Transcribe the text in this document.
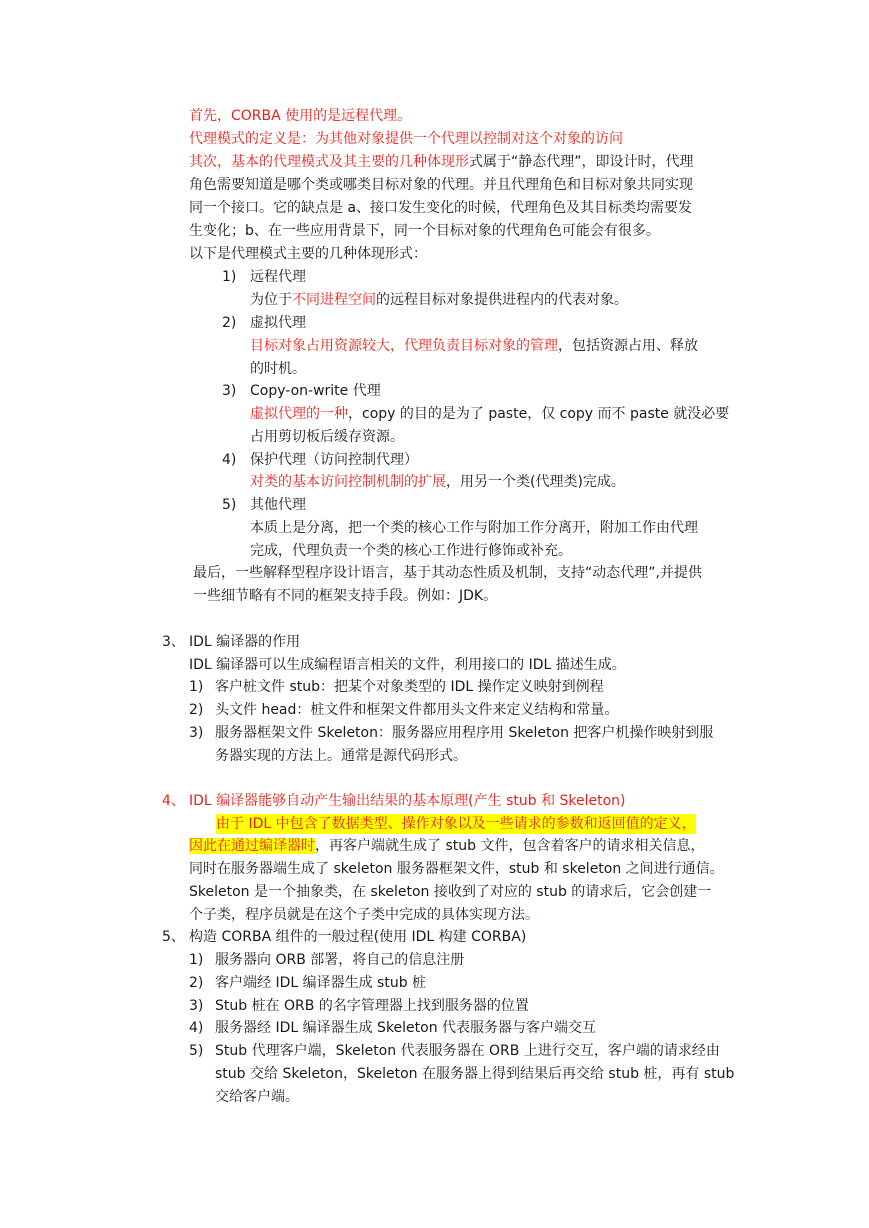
首先，CORBA 使用的是远程代理。
代理模式的定义是：为其他对象提供一个代理以控制对这个对象的访问
其次，基本的代理模式及其主要的几种体现形式属于“静态代理”，即设计时，代理
角色需要知道是哪个类或哪类目标对象的代理。并且代理角色和目标对象共同实现
同一个接口。它的缺点是 a、接口发生变化的时候，代理角色及其目标类均需要发
生变化；b、在一些应用背景下，同一个目标对象的代理角色可能会有很多。
以下是代理模式主要的几种体现形式：
1) 远程代理
为位于不同进程空间的远程目标对象提供进程内的代表对象。
2) 虚拟代理
目标对象占用资源较大，代理负责目标对象的管理，包括资源占用、释放
的时机。
3) Copy-on-write 代理
虚拟代理的一种，copy 的目的是为了 paste，仅 copy 而不 paste 就没必要
占用剪切板后缓存资源。
4) 保护代理（访问控制代理）
对类的基本访问控制机制的扩展，用另一个类(代理类)完成。
5) 其他代理
本质上是分离，把一个类的核心工作与附加工作分离开，附加工作由代理
完成，代理负责一个类的核心工作进行修饰或补充。
最后，一些解释型程序设计语言，基于其动态性质及机制，支持“动态代理”,并提供
一些细节略有不同的框架支持手段。例如：JDK。
3、 IDL 编译器的作用
IDL 编译器可以生成编程语言相关的文件，利用接口的 IDL 描述生成。
1) 客户桩文件 stub：把某个对象类型的 IDL 操作定义映射到例程
2) 头文件 head：桩文件和框架文件都用头文件来定义结构和常量。
3) 服务器框架文件 Skeleton：服务器应用程序用 Skeleton 把客户机操作映射到服
务器实现的方法上。通常是源代码形式。
4、 IDL 编译器能够自动产生输出结果的基本原理(产生 stub 和 Skeleton)
由于 IDL 中包含了数据类型、操作对象以及一些请求的参数和返回值的定义，
因此在通过编译器时，再客户端就生成了 stub 文件，包含着客户的请求相关信息，
同时在服务器端生成了 skeleton 服务器框架文件，stub 和 skeleton 之间进行通信。
Skeleton 是一个抽象类，在 skeleton 接收到了对应的 stub 的请求后，它会创建一
个子类，程序员就是在这个子类中完成的具体实现方法。
5、 构造 CORBA 组件的一般过程(使用 IDL 构建 CORBA)
1) 服务器向 ORB 部署，将自己的信息注册
2) 客户端经 IDL 编译器生成 stub 桩
3) Stub 桩在 ORB 的名字管理器上找到服务器的位置
4) 服务器经 IDL 编译器生成 Skeleton 代表服务器与客户端交互
5) Stub 代理客户端，Skeleton 代表服务器在 ORB 上进行交互，客户端的请求经由
stub 交给 Skeleton，Skeleton 在服务器上得到结果后再交给 stub 桩，再有 stub
交给客户端。
